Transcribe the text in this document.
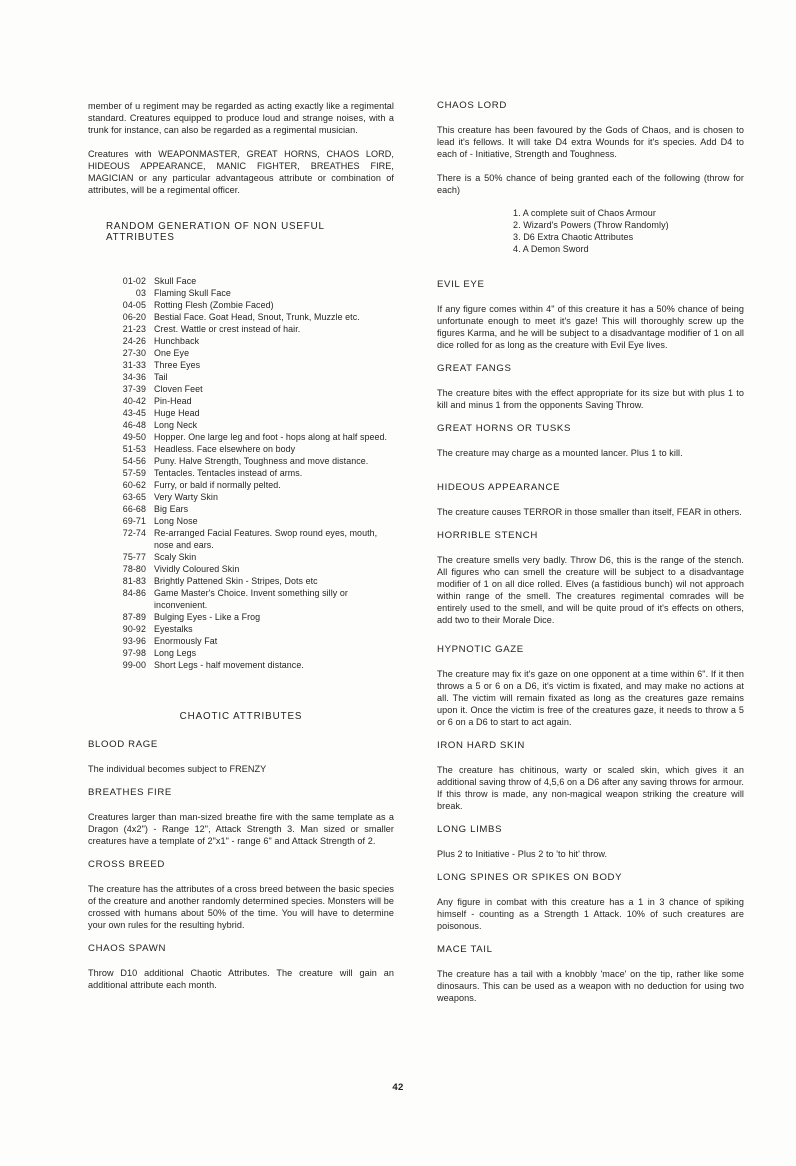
member of u regiment may be regarded as acting exactly like a regimental standard. Creatures equipped to produce loud and strange noises, with a trunk for instance, can also be regarded as a regimental musician.

Creatures with WEAPONMASTER, GREAT HORNS, CHAOS LORD, HIDEOUS APPEARANCE, MANIC FIGHTER, BREATHES FIRE, MAGICIAN or any particular advantageous attribute or combination of attributes, will be a regimental officer.

RANDOM GENERATION OF NON USEFUL ATTRIBUTES
01-02 Skull Face
03 Flaming Skull Face
04-05 Rotting Flesh (Zombie Faced)
06-20 Bestial Face. Goat Head, Snout, Trunk, Muzzle etc.
21-23 Crest. Wattle or crest instead of hair.
24-26 Hunchback
27-30 One Eye
31-33 Three Eyes
34-36 Tail
37-39 Cloven Feet
40-42 Pin-Head
43-45 Huge Head
46-48 Long Neck
49-50 Hopper. One large leg and foot - hops along at half speed.
51-53 Headless. Face elsewhere on body
54-56 Puny. Halve Strength, Toughness and move distance.
57-59 Tentacles. Tentacles instead of arms.
60-62 Furry, or bald if normally pelted.
63-65 Very Warty Skin
66-68 Big Ears
69-71 Long Nose
72-74 Re-arranged Facial Features. Swop round eyes, mouth, nose and ears.
75-77 Scaly Skin
78-80 Vividly Coloured Skin
81-83 Brightly Pattened Skin - Stripes, Dots etc
84-86 Game Master's Choice. Invent something silly or inconvenient.
87-89 Bulging Eyes - Like a Frog
90-92 Eyestalks
93-96 Enormously Fat
97-98 Long Legs
99-00 Short Legs - half movement distance.
CHAOTIC ATTRIBUTES
BLOOD RAGE

The individual becomes subject to FRENZY

BREATHES FIRE

Creatures larger than man-sized breathe fire with the same template as a Dragon (4x2") - Range 12", Attack Strength 3. Man sized or smaller creatures have a template of 2"x1" - range 6" and Attack Strength of 2.

CROSS BREED

The creature has the attributes of a cross breed between the basic species of the creature and another randomly determined species. Monsters will be crossed with humans about 50% of the time. You will have to determine your own rules for the resulting hybrid.

CHAOS SPAWN

Throw D10 additional Chaotic Attributes. The creature will gain an additional attribute each month.

CHAOS LORD

This creature has been favoured by the Gods of Chaos, and is chosen to lead it's fellows. It will take D4 extra Wounds for it's species. Add D4 to each of - Initiative, Strength and Toughness.

There is a 50% chance of being granted each of the following (throw for each)

1. A complete suit of Chaos Armour
2. Wizard's Powers (Throw Randomly)
3. D6 Extra Chaotic Attributes
4. A Demon Sword
EVIL EYE

If any figure comes within 4" of this creature it has a 50% chance of being unfortunate enough to meet it's gaze! This will thoroughly screw up the figures Karma, and he will be subject to a disadvantage modifier of 1 on all dice rolled for as long as the creature with Evil Eye lives.

GREAT FANGS

The creature bites with the effect appropriate for its size but with plus 1 to kill and minus 1 from the opponents Saving Throw.

GREAT HORNS OR TUSKS

The creature may charge as a mounted lancer. Plus 1 to kill.

HIDEOUS APPEARANCE

The creature causes TERROR in those smaller than itself, FEAR in others.

HORRIBLE STENCH

The creature smells very badly. Throw D6, this is the range of the stench. All figures who can smell the creature will be subject to a disadvantage modifier of 1 on all dice rolled. Elves (a fastidious bunch) wil not approach within range of the smell. The creatures regimental comrades will be entirely used to the smell, and will be quite proud of it's effects on others, add two to their Morale Dice.

HYPNOTIC GAZE

The creature may fix it's gaze on one opponent at a time within 6". If it then throws a 5 or 6 on a D6, it's victim is fixated, and may make no actions at all. The victim will remain fixated as long as the creatures gaze remains upon it. Once the victim is free of the creatures gaze, it needs to throw a 5 or 6 on a D6 to start to act again.

IRON HARD SKIN

The creature has chitinous, warty or scaled skin, which gives it an additional saving throw of 4,5,6 on a D6 after any saving throws for armour. If this throw is made, any non-magical weapon striking the creature will break.

LONG LIMBS

Plus 2 to Initiative - Plus 2 to 'to hit' throw.

LONG SPINES OR SPIKES ON BODY

Any figure in combat with this creature has a 1 in 3 chance of spiking himself - counting as a Strength 1 Attack. 10% of such creatures are poisonous.

MACE TAIL

The creature has a tail with a knobbly 'mace' on the tip, rather like some dinosaurs. This can be used as a weapon with no deduction for using two weapons.

42
